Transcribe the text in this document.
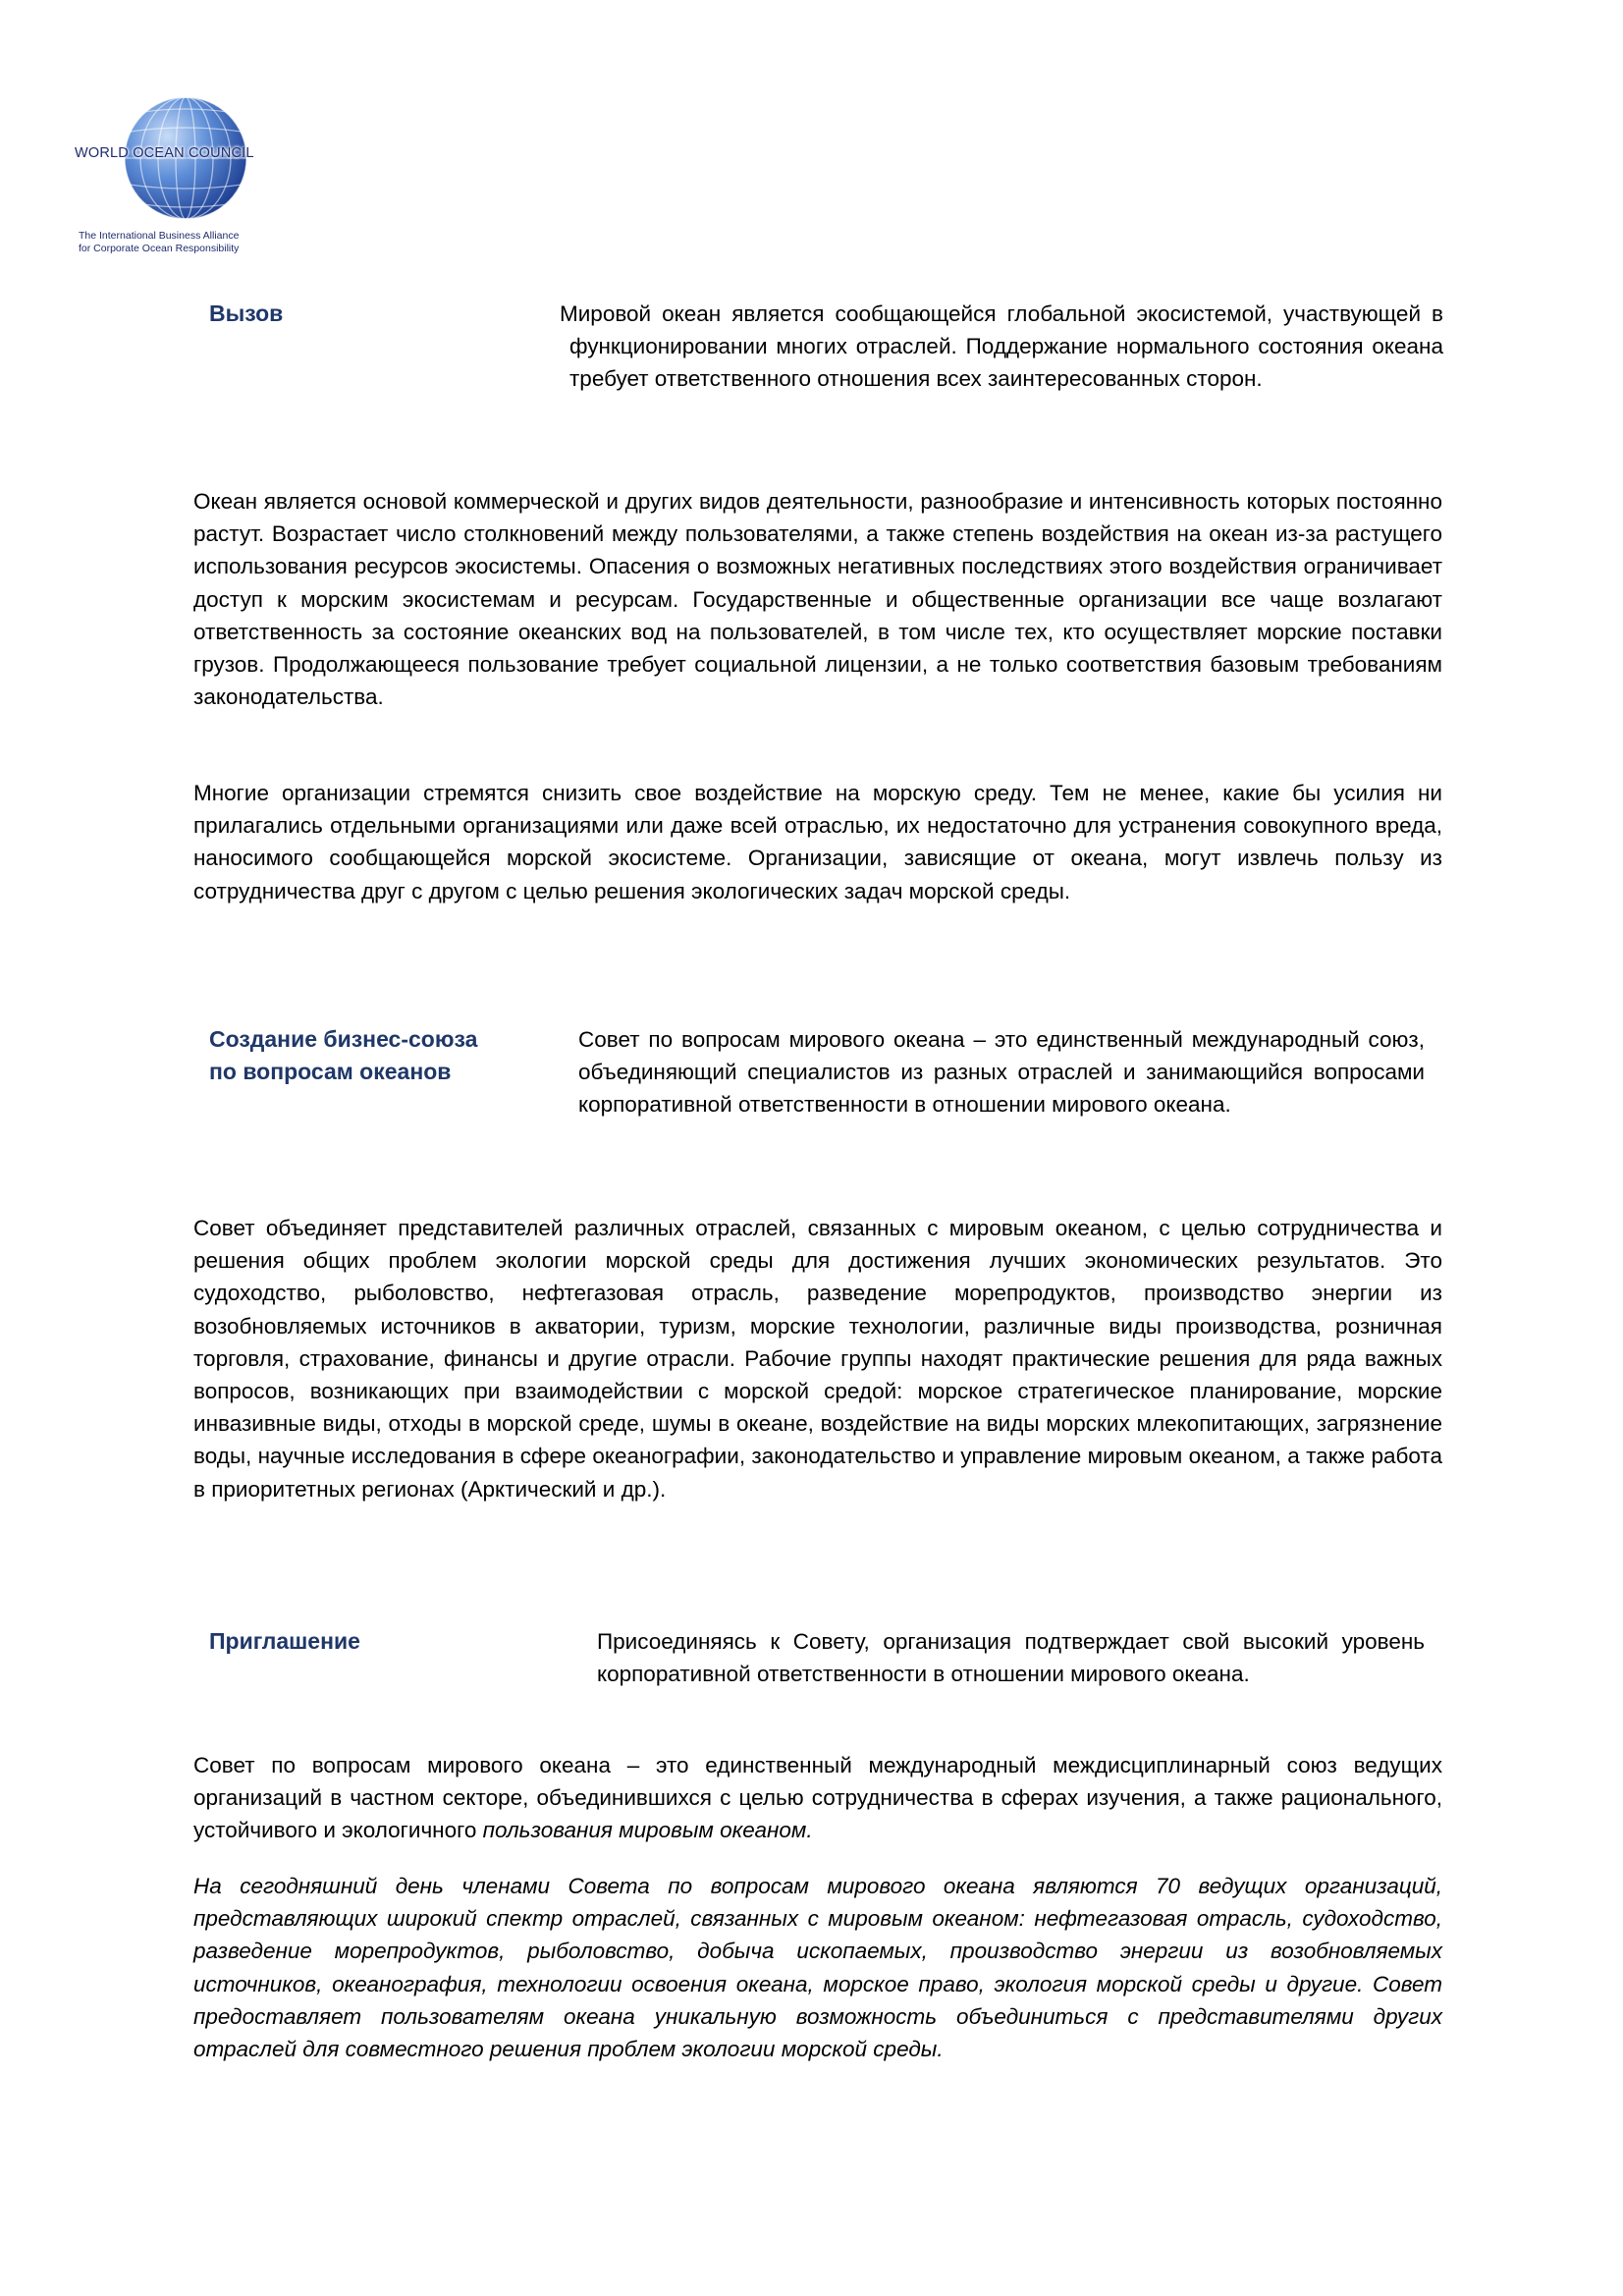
WORLD OCEAN COUNCIL
The International Business Alliance
for Corporate Ocean Responsibility
Вызов	Мировой океан является сообщающейся глобальной экосистемой, участвующей в функционировании многих отраслей. Поддержание нормального состояния океана требует ответственного отношения всех заинтересованных сторон.
Океан является основой коммерческой и других видов деятельности, разнообразие и интенсивность которых постоянно растут. Возрастает число столкновений между пользователями, а также степень воздействия на океан из-за растущего использования ресурсов экосистемы. Опасения о возможных негативных последствиях этого воздействия ограничивает доступ к морским экосистемам и ресурсам. Государственные и общественные организации все чаще возлагают ответственность за состояние океанских вод на пользователей, в том числе тех, кто осуществляет морские поставки грузов. Продолжающееся пользование требует социальной лицензии, а не только соответствия базовым требованиям законодательства.
Многие организации стремятся снизить свое воздействие на морскую среду. Тем не менее, какие бы усилия ни прилагались отдельными организациями или даже всей отраслью, их недостаточно для устранения совокупного вреда, наносимого сообщающейся морской экосистеме. Организации, зависящие от океана, могут извлечь пользу из сотрудничества друг с другом с целью решения экологических задач морской среды.
Создание бизнес-союза
по вопросам океанов
Совет по вопросам мирового океана – это единственный международный союз, объединяющий специалистов из разных отраслей и занимающийся вопросами корпоративной ответственности в отношении мирового океана.
Совет объединяет представителей различных отраслей, связанных с мировым океаном, с целью сотрудничества и решения общих проблем экологии морской среды для достижения лучших экономических результатов. Это судоходство, рыболовство, нефтегазовая отрасль, разведение морепродуктов, производство энергии из возобновляемых источников в акватории, туризм, морские технологии, различные виды производства, розничная торговля, страхование, финансы и другие отрасли. Рабочие группы находят практические решения для ряда важных вопросов, возникающих при взаимодействии с морской средой: морское стратегическое планирование, морские инвазивные виды, отходы в морской среде, шумы в океане, воздействие на виды морских млекопитающих, загрязнение воды, научные исследования в сфере океанографии, законодательство и управление мировым океаном, а также работа в приоритетных регионах (Арктический и др.).
Приглашение	Присоединяясь к Совету, организация подтверждает свой высокий уровень корпоративной ответственности в отношении мирового океана.
Совет по вопросам мирового океана – это единственный международный междисциплинарный союз ведущих организаций в частном секторе, объединившихся с целью сотрудничества в сферах изучения, а также рационального, устойчивого и экологичного пользования мировым океаном.
На сегодняшний день членами Совета по вопросам мирового океана являются 70 ведущих организаций, представляющих широкий спектр отраслей, связанных с мировым океаном: нефтегазовая отрасль, судоходство, разведение морепродуктов, рыболовство, добыча ископаемых, производство энергии из возобновляемых источников, океанография, технологии освоения океана, морское право, экология морской среды и другие. Совет предоставляет пользователям океана уникальную возможность объединиться с представителями других отраслей для совместного решения проблем экологии морской среды.
